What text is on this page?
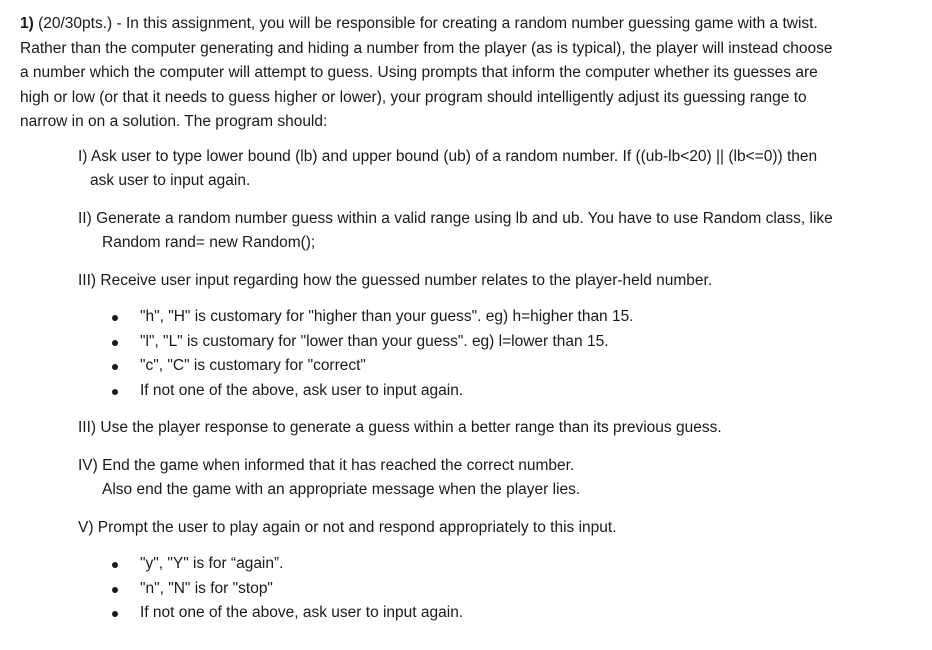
1) (20/30pts.) - In this assignment, you will be responsible for creating a random number guessing game with a twist.
Rather than the computer generating and hiding a number from the player (as is typical), the player will instead choose
a number which the computer will attempt to guess. Using prompts that inform the computer whether its guesses are
high or low (or that it needs to guess higher or lower), your program should intelligently adjust its guessing range to
narrow in on a solution. The program should:
I) Ask user to type lower bound (lb) and upper bound (ub) of a random number. If ((ub-lb<20) || (lb<=0)) then
ask user to input again.
II) Generate a random number guess within a valid range using lb and ub. You have to use Random class, like
Random rand= new Random();
III) Receive user input regarding how the guessed number relates to the player-held number.
"h", "H" is customary for "higher than your guess". eg) h=higher than 15.
"l", "L" is customary for "lower than your guess". eg) l=lower than 15.
"c", "C" is customary for "correct"
If not one of the above, ask user to input again.
III) Use the player response to generate a guess within a better range than its previous guess.
IV) End the game when informed that it has reached the correct number.
Also end the game with an appropriate message when the player lies.
V) Prompt the user to play again or not and respond appropriately to this input.
"y", "Y" is for “again”.
"n", "N" is for "stop"
If not one of the above, ask user to input again.
